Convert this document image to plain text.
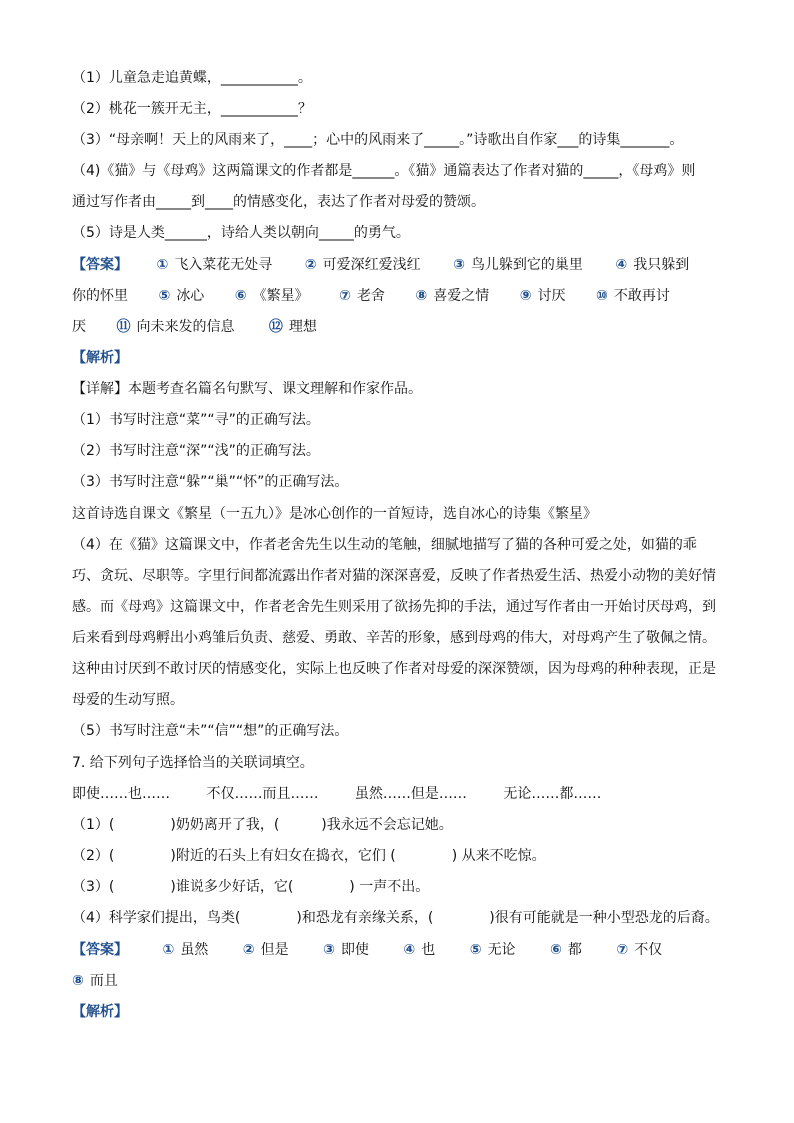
（1）儿童急走追黄蝶，___________。
（2）桃花一簇开无主，___________？
（3）“母亲啊！天上的风雨来了，____；心中的风雨来了_____。”诗歌出自作家___的诗集_______。
（4)《猫》与《母鸡》这两篇课文的作者都是______。《猫》通篇表达了作者对猫的_____，《母鸡》则
通过写作者由_____到____的情感变化，表达了作者对母爱的赞颂。
（5）诗是人类______，诗给人类以朝向_____的勇气。
【答案】 ① 飞入菜花无处寻 ② 可爱深红爱浅红 ③ 鸟儿躲到它的巢里 ④ 我只躲到
你的怀里 ⑤ 冰心 ⑥ 《繁星》 ⑦ 老舍 ⑧ 喜爱之情 ⑨ 讨厌 ⑩ 不敢再讨
厌 ⑪ 向未来发的信息 ⑫ 理想
【解析】
【详解】本题考查名篇名句默写、课文理解和作家作品。
（1）书写时注意“菜”“寻”的正确写法。
（2）书写时注意“深”“浅”的正确写法。
（3）书写时注意“躲”“巢”“怀”的正确写法。
这首诗选自课文《繁星（一五九）》是冰心创作的一首短诗，选自冰心的诗集《繁星》
（4）在《猫》这篇课文中，作者老舍先生以生动的笔触，细腻地描写了猫的各种可爱之处，如猫的乖
巧、贪玩、尽职等。字里行间都流露出作者对猫的深深喜爱，反映了作者热爱生活、热爱小动物的美好情
感。而《母鸡》这篇课文中，作者老舍先生则采用了欲扬先抑的手法，通过写作者由一开始讨厌母鸡，到
后来看到母鸡孵出小鸡雏后负责、慈爱、勇敢、辛苦的形象，感到母鸡的伟大，对母鸡产生了敬佩之情。
这种由讨厌到不敢讨厌的情感变化，实际上也反映了作者对母爱的深深赞颂，因为母鸡的种种表现，正是
母爱的生动写照。
（5）书写时注意“未”“信”“想”的正确写法。
7. 给下列句子选择恰当的关联词填空。
即使……也……	不仅……而且……	虽然……但是……	无论……都……
（1）(　　　　)奶奶离开了我，(　　　)我永远不会忘记她。
（2）(　　　　)附近的石头上有妇女在捣衣，它们 (　　　　) 从来不吃惊。
（3）(　　　　)谁说多少好话，它(　　　　) 一声不出。
（4）科学家们提出，鸟类(　　　　)和恐龙有亲缘关系，(　　　　)很有可能就是一种小型恐龙的后裔。
【答案】 ① 虽然 ② 但是 ③ 即使 ④ 也 ⑤ 无论 ⑥ 都 ⑦ 不仅
⑧ 而且
【解析】
